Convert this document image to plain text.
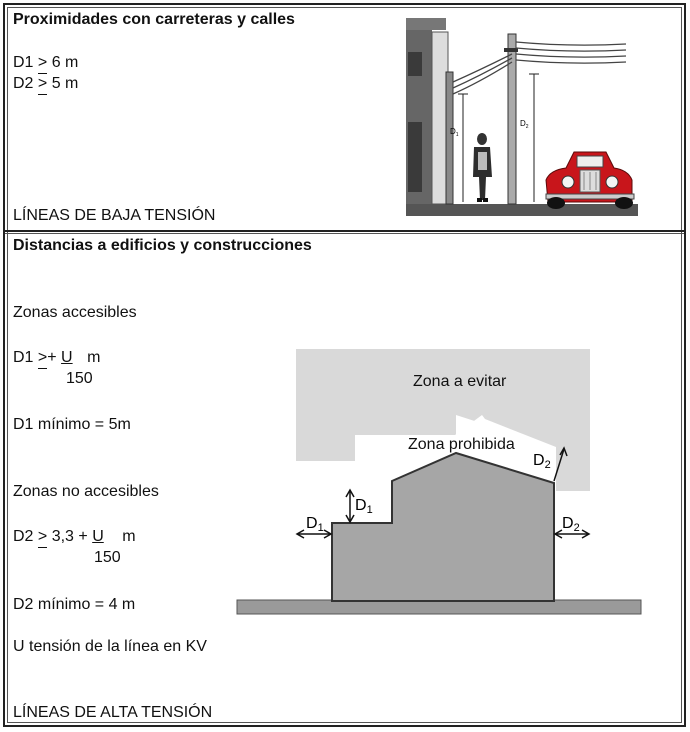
Proximidades con carreteras y calles
D1 > 6 m
D2 > 5 m
LÍNEAS DE BAJA TENSIÓN
$D_1$
$D_2$
Distancias a edificios y construcciones
Zonas accesibles
D1 >+ U m
150
D1 mínimo = 5m
Zonas no accesibles
D2 > 3,3 + U m
150
D2 mínimo = 4 m
U tensión de la línea en KV
LÍNEAS DE ALTA TENSIÓN
Zona a evitar
Zona prohibida
D1
D1	D2
D2
